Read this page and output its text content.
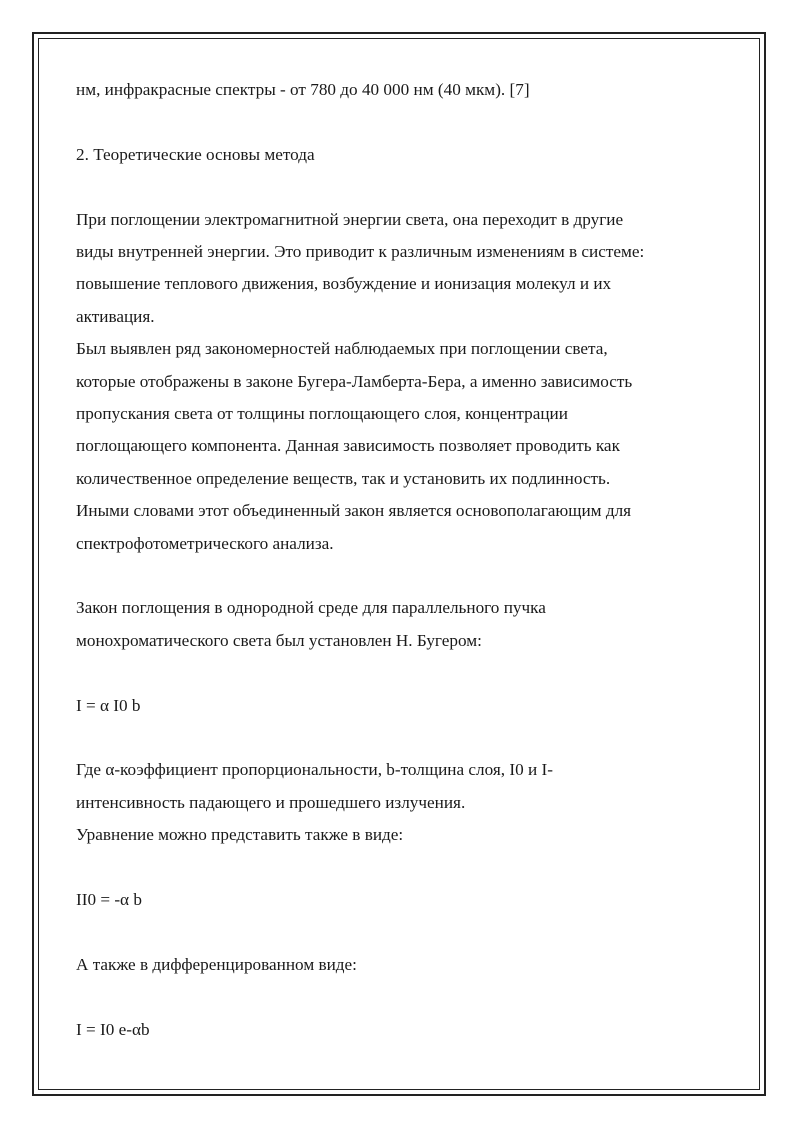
нм, инфракрасные спектры - от 780 до 40 000 нм (40 мкм). [7]

2. Теоретические основы метода

При поглощении электромагнитной энергии света, она переходит в другие

виды внутренней энергии. Это приводит к различным изменениям в системе:

повышение теплового движения, возбуждение и ионизация молекул и их

активация.

Был выявлен ряд закономерностей наблюдаемых при поглощении света,

которые отображены в законе Бугера-Ламберта-Бера, а именно зависимость

пропускания света от толщины поглощающего слоя, концентрации

поглощающего компонента. Данная зависимость позволяет проводить как

количественное определение веществ, так и установить их подлинность.

Иными словами этот объединенный закон является основополагающим для

спектрофотометрического анализа.

Закон поглощения в однородной среде для параллельного пучка

монохроматического света был установлен Н. Бугером:

I = α I0 b

Где α-коэффициент пропорциональности, b-толщина слоя, I0 и I-

интенсивность падающего и прошедшего излучения.

Уравнение можно представить также в виде:

II0 = -α b

А также в дифференцированном виде:

I = I0 e-αb
